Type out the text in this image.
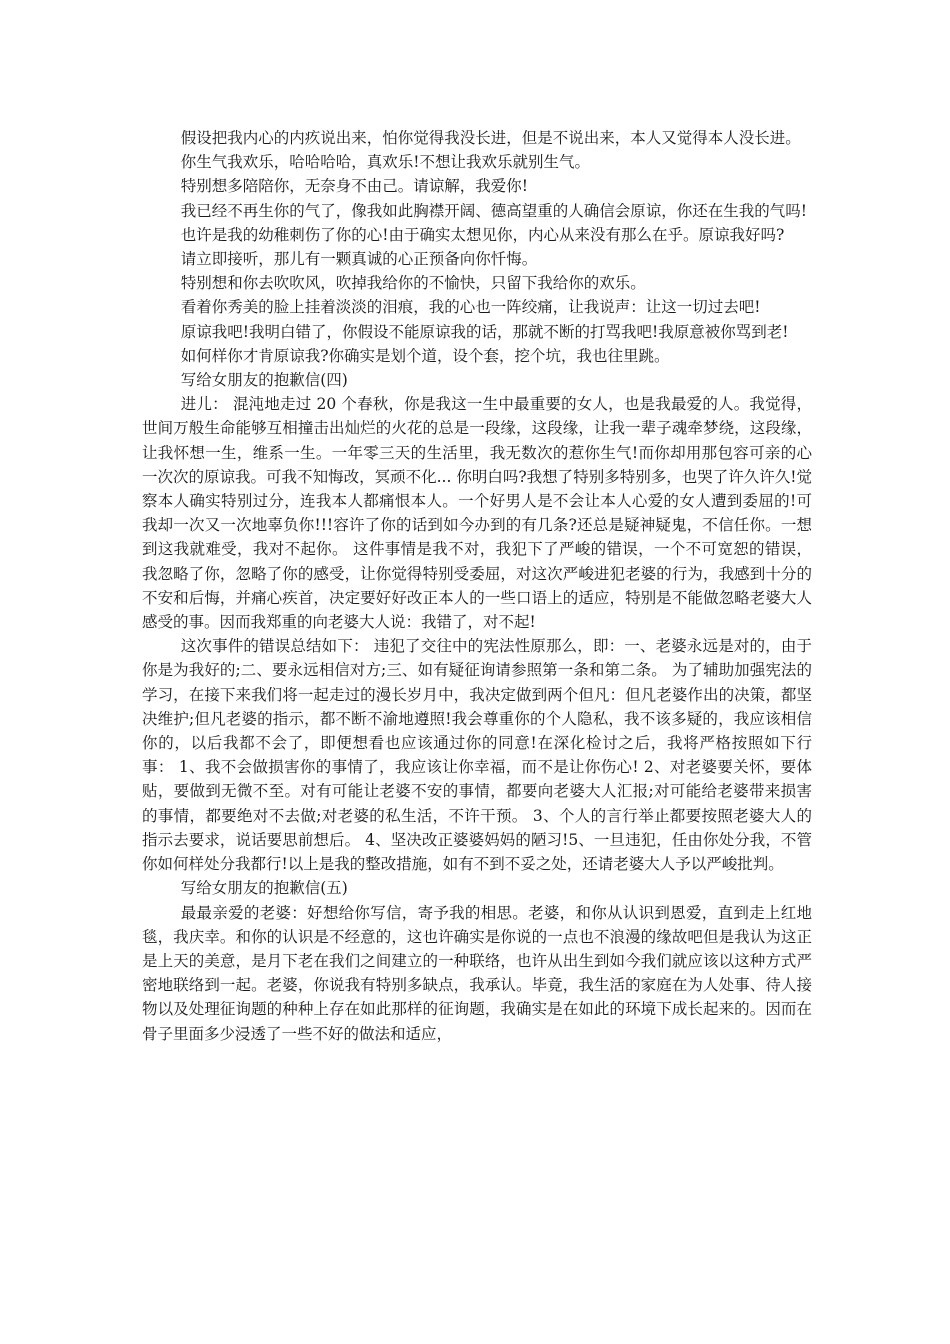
假设把我内心的内疚说出来，怕你觉得我没长进，但是不说出来，本人又觉得本人没长进。

你生气我欢乐，哈哈哈哈，真欢乐!不想让我欢乐就别生气。

特别想多陪陪你，无奈身不由己。请谅解，我爱你!

我已经不再生你的气了，像我如此胸襟开阔、德高望重的人确信会原谅，你还在生我的气吗!

也许是我的幼稚刺伤了你的心!由于确实太想见你，内心从来没有那么在乎。原谅我好吗?

请立即接听，那儿有一颗真诚的心正预备向你忏悔。

特别想和你去吹吹风，吹掉我给你的不愉快，只留下我给你的欢乐。

看着你秀美的脸上挂着淡淡的泪痕，我的心也一阵绞痛，让我说声：让这一切过去吧!

原谅我吧!我明白错了，你假设不能原谅我的话，那就不断的打骂我吧!我原意被你骂到老!

如何样你才肯原谅我?你确实是划个道，设个套，挖个坑，我也往里跳。

写给女朋友的抱歉信(四)

进儿： 混沌地走过 20 个春秋，你是我这一生中最重要的女人，也是我最爱的人。我觉得，世间万般生命能够互相撞击出灿烂的火花的总是一段缘，这段缘，让我一辈子魂牵梦绕，这段缘，让我怀想一生，维系一生。一年零三天的生活里，我无数次的惹你生气!而你却用那包容可亲的心一次次的原谅我。可我不知悔改，冥顽不化... 你明白吗?我想了特别多特别多，也哭了许久许久!觉察本人确实特别过分，连我本人都痛恨本人。一个好男人是不会让本人心爱的女人遭到委屈的!可我却一次又一次地辜负你!!!容许了你的话到如今办到的有几条?还总是疑神疑鬼，不信任你。一想到这我就难受，我对不起你。 这件事情是我不对，我犯下了严峻的错误，一个不可宽恕的错误，我忽略了你，忽略了你的感受，让你觉得特别受委屈，对这次严峻进犯老婆的行为，我感到十分的不安和后悔，并痛心疾首，决定要好好改正本人的一些口语上的适应，特别是不能做忽略老婆大人感受的事。因而我郑重的向老婆大人说：我错了，对不起!

这次事件的错误总结如下： 违犯了交往中的宪法性原那么，即：一、老婆永远是对的，由于你是为我好的;二、要永远相信对方;三、如有疑征询请参照第一条和第二条。 为了辅助加强宪法的学习，在接下来我们将一起走过的漫长岁月中，我决定做到两个但凡：但凡老婆作出的决策，都坚决维护;但凡老婆的指示，都不断不渝地遵照!我会尊重你的个人隐私，我不该多疑的，我应该相信你的，以后我都不会了，即便想看也应该通过你的同意!在深化检讨之后，我将严格按照如下行事： 1、我不会做损害你的事情了，我应该让你幸福，而不是让你伤心! 2、对老婆要关怀，要体贴，要做到无微不至。对有可能让老婆不安的事情，都要向老婆大人汇报;对可能给老婆带来损害的事情，都要绝对不去做;对老婆的私生活，不许干预。 3、个人的言行举止都要按照老婆大人的指示去要求，说话要思前想后。 4、坚决改正婆婆妈妈的陋习!5、一旦违犯，任由你处分我，不管你如何样处分我都行!以上是我的整改措施，如有不到不妥之处，还请老婆大人予以严峻批判。

写给女朋友的抱歉信(五)

最最亲爱的老婆：好想给你写信，寄予我的相思。老婆，和你从认识到恩爱，直到走上红地毯，我庆幸。和你的认识是不经意的，这也许确实是你说的一点也不浪漫的缘故吧但是我认为这正是上天的美意，是月下老在我们之间建立的一种联络，也许从出生到如今我们就应该以这种方式严密地联络到一起。老婆，你说我有特别多缺点，我承认。毕竟，我生活的家庭在为人处事、待人接物以及处理征询题的种种上存在如此那样的征询题，我确实是在如此的环境下成长起来的。因而在骨子里面多少浸透了一些不好的做法和适应，
